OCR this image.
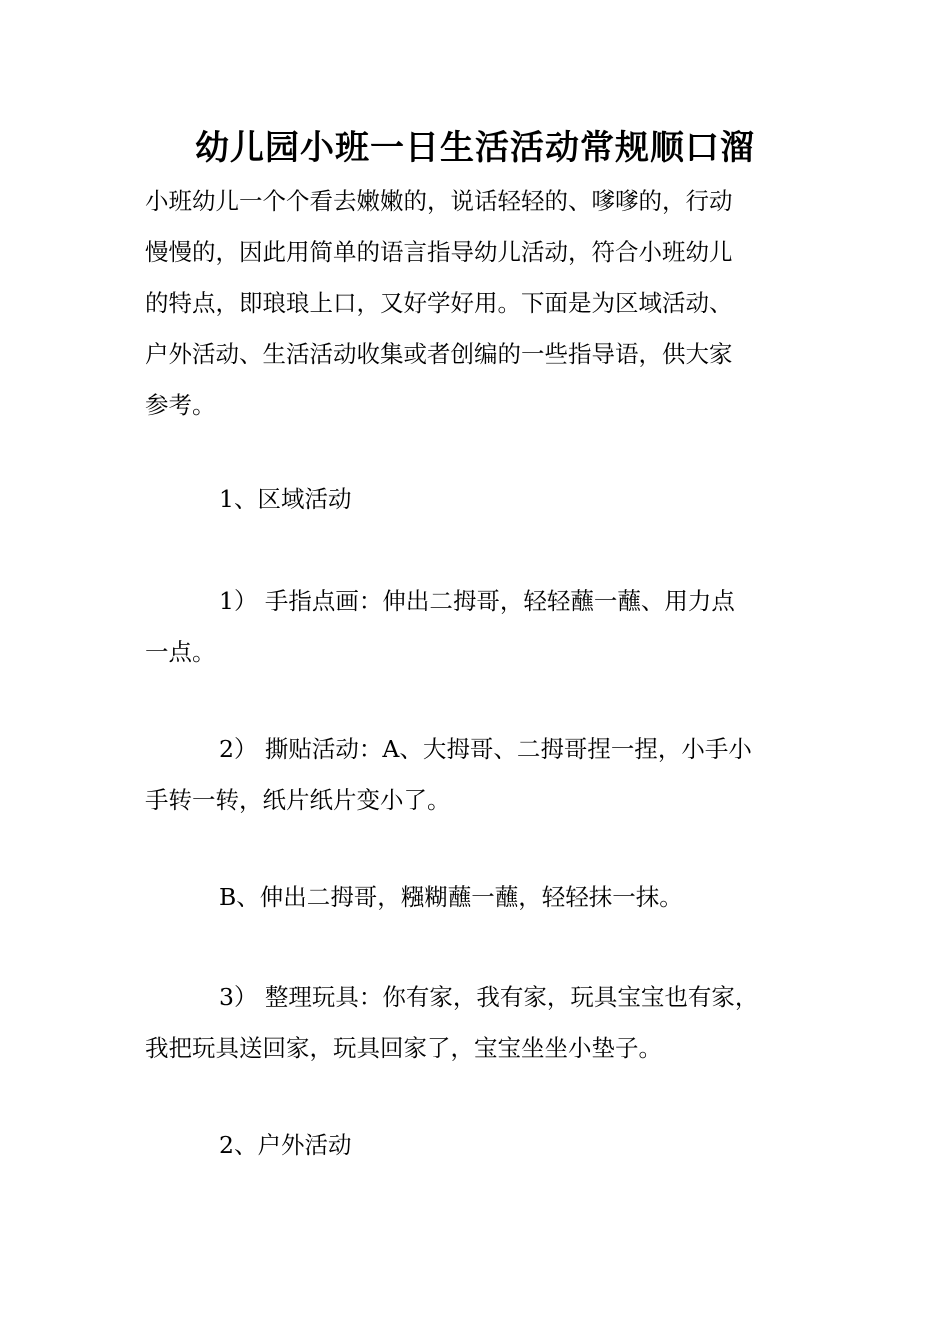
幼儿园小班一日生活活动常规顺口溜
小班幼儿一个个看去嫩嫩的，说话轻轻的、嗲嗲的，行动
慢慢的，因此用简单的语言指导幼儿活动，符合小班幼儿
的特点，即琅琅上口，又好学好用。下面是为区域活动、
户外活动、生活活动收集或者创编的一些指导语，供大家
参考。
1、区域活动
1） 手指点画：伸出二拇哥，轻轻蘸一蘸、用力点
一点。
2） 撕贴活动：A、大拇哥、二拇哥捏一捏，小手小
手转一转，纸片纸片变小了。
B、伸出二拇哥，糨糊蘸一蘸，轻轻抹一抹。
3） 整理玩具：你有家，我有家，玩具宝宝也有家，
我把玩具送回家，玩具回家了，宝宝坐坐小垫子。
2、户外活动
